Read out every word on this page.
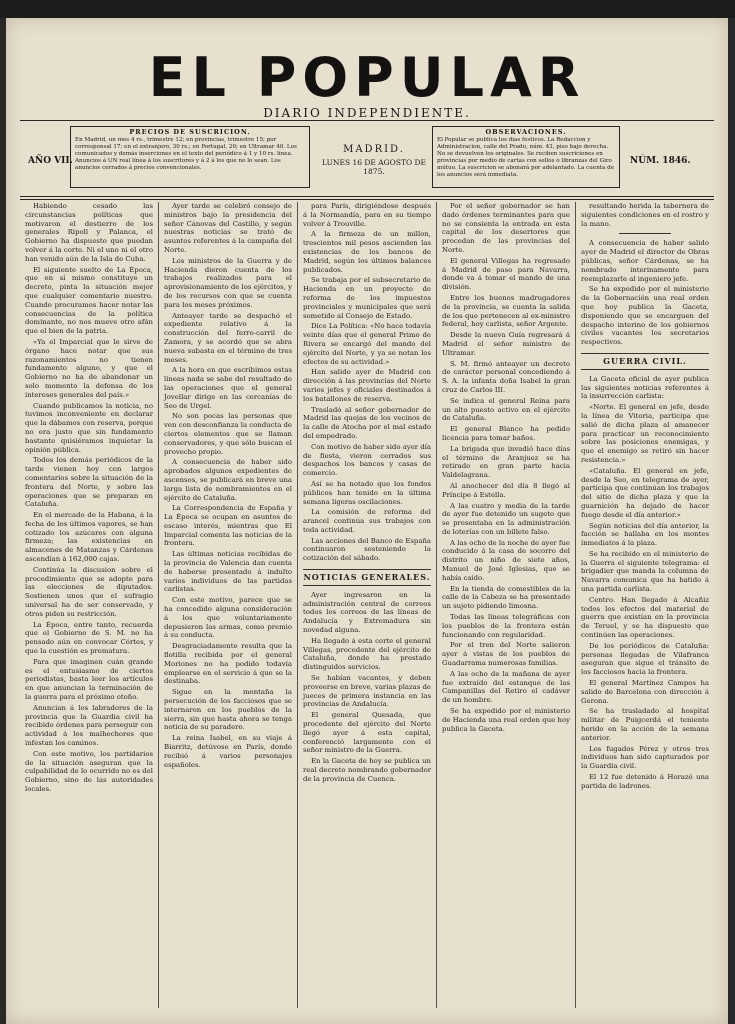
EL POPULAR
DIARIO INDEPENDIENTE.
AÑO VII.
PRECIOS DE SUSCRICION.
En Madrid, un mes 4 rs., trimestre 12; en provincias, trimestre 15; por corresponsal 17; en el extranjero, 30 rs.; en Portugal, 20; en Ultramar 40. Los comunicados y demás inserciones en el texto del periódico á 1 y 10 rs. línea. Anuncios á UN real línea á los suscritores y á 2 á los que no lo sean. Los anuncios cerrados á precios convencionales.
MADRID.
LUNES 16 DE AGOSTO DE 1875.
OBSERVACIONES.
El Popular se publica los dias festivos. La Redaccion y Administracion, calle del Prado, núm. 43, piso bajo derecha. No se devuelven los originales. Se reciben suscriciones en provincias por medio de cartas con sellos o libranzas del Giro mútuo. La suscricion se abonará por adelantado. La cuenta de los anuncios será inmediata.
NÚM. 1846.

Habiendo cesado las circunstancias políticas que motivaron el destierro de los generales Ripoll y Palanca, el Gobierno ha dispuesto que puedan volver á la corte. Ni el uno ni el otro han venido aún de la Isla de Cuba.

El siguiente suelto de La Época, que en sí mismo constituye un decreto, pinta la situación mejor que cualquier comentario nuestro. Cuando procuramos hacer notar las consecuencias de la política dominante, no nos mueve otro afán que el bien de la patria.

«Ya el Imparcial que le sirve de órgano hace notar que sus razonamientos no tienen fundamento alguno, y que el Gobierno no ha de abandonar un solo momento la defensa de los intereses generales del país.»

Cuando publicamos la noticia, no tuvimos inconveniente en declarar que la dábamos con reserva, porque no era justo que sin fundamento bastante quisiéramos inquietar la opinión pública.

Todos los demás periódicos de la tarde vienen hoy con largos comentarios sobre la situación de la frontera del Norte, y sobre las operaciones que se preparan en Cataluña.

En el mercado de la Habana, á la fecha de los últimos vapores, se han cotizado los azúcares con alguna firmeza; las existencias en almacenes de Matanzas y Cárdenas ascendían á 162,000 cajas.

Continúa la discusion sobre el procedimiento que se adopte para las elecciones de diputados. Sostienen unos que el sufragio universal ha de ser conservado, y otros piden su restricción.

La Época, entre tanto, recuerda que el Gobierno de S. M. no ha pensado aún en convocar Córtes, y que la cuestión es prematura.

Para que imaginen cuán grande es el entusiasmo de ciertos periodistas, basta leer los artículos en que anuncian la terminación de la guerra para el próximo otoño.

Anuncian á los labradores de la provincia que la Guardia civil ha recibido órdenes para perseguir con actividad á los malhechores que infestan los caminos.

Con este motivo, los partidarios de la situación aseguran que la culpabilidad de lo ocurrido no es del Gobierno, sino de las autoridades locales.

Ayer tarde se celebró consejo de ministros bajo la presidencia del señor Cánovas del Castillo, y según nuestras noticias se trató de asuntos referentes á la campaña del Norte.

Los ministros de la Guerra y de Hacienda dieron cuenta de los trabajos realizados para el aprovisionamiento de los ejércitos, y de los recursos con que se cuenta para los meses próximos.

Anteayer tarde se despachó el expediente relativo á la construcción del ferro-carril de Zamora, y se acordó que se abra nueva subasta en el término de tres meses.

A la hora en que escribimos estas líneas nada se sabe del resultado de las operaciones que el general Jovellar dirige en las cercanías de Seo de Urgel.

No son pocas las personas que ven con desconfianza la conducta de ciertos elementos que se llaman conservadores, y que sólo buscan el provecho propio.

A consecuencia de haber sido aprobados algunos expedientes de ascensos, se publicará en breve una larga lista de nombramientos en el ejército de Cataluña.

La Correspondencia de España y La Época se ocupan en asuntos de escaso interés, mientras que El Imparcial comenta las noticias de la frontera.

Las últimas noticias recibidas de la provincia de Valencia dan cuenta de haberse presentado á indulto varios individuos de las partidas carlistas.

Con este motivo, parece que se ha concedido alguna consideración á los que voluntariamente depusieron las armas, como premio á su conducta.

Desgraciadamente resulta que la flotilla recibida por el general Moriones no ha podido todavía emplearse en el servicio á que se la destinaba.

Sigue en la montaña la persecución de los facciosos que se internaron en los pueblos de la sierra, sin que hasta ahora se tenga noticia de su paradero.

La reina Isabel, en su viaje á Biarritz, detúvose en París, donde recibió á varios personajes españoles.

para París, dirigiéndose después á la Normandía, para en su tiempo volver á Trouville.

A la firmeza de un millon, trescientos mil pesos ascienden las existencias de los bancos de Madrid, según los últimos balances publicados.

Se trabaja por el subsecretario de Hacienda en un proyecto de reforma de los impuestos provinciales y municipales que será sometido al Consejo de Estado.

Dice La Política: «No hace todavía veinte días que el general Primo de Rivera se encargó del mando del ejército del Norte, y ya se notan los efectos de su actividad.»

Han salido ayer de Madrid con dirección á las provincias del Norte varios jefes y oficiales destinados á los batallones de reserva.

Trasladó al señor gobernador de Madrid las quejas de los vecinos de la calle de Atocha por el mal estado del empedrado.

Con motivo de haber sido ayer día de fiesta, vieron cerrados sus despachos los bancos y casas de comercio.

Así se ha notado que los fondos públicos han tenido en la última semana ligeras oscilaciones.

La comisión de reforma del arancel continúa sus trabajos con toda actividad.

Las acciones del Banco de España continuaron sosteniendo la cotización del sábado.

NOTICIAS GENERALES.

Ayer ingresaron en la administración central de correos todos los correos de las líneas de Andalucía y Extremadura sin novedad alguna.

Ha llegado á esta corte el general Villegas, procedente del ejército de Cataluña, donde ha prestado distinguidos servicios.

Se habían vacantes, y deben proveerse en breve, varias plazas de jueces de primera instancia en las provincias de Andalucía.

El general Quesada, que procedente del ejército del Norte llegó ayer á esta capital, conferenció largamente con el señor ministro de la Guerra.

En la Gaceta de hoy se publica un real decreto nombrando gobernador de la provincia de Cuenca.

Por el señor gobernador se han dado órdenes terminantes para que no se consienta la entrada en esta capital de los desertores que procedan de las provincias del Norte.

El general Villegas ha regresado á Madrid de paso para Navarra, donde va á tomar el mando de una división.

Entre los buenos madrugadores de la provincia, se cuenta la salida de los que pertenecen al ex-ministro federal, hoy carlista, señor Argente.

Desde la nueva Guía regresará á Madrid el señor ministro de Ultramar.

S. M. firmó anteayer un decreto de carácter personal concediendo á S. A. la infanta doña Isabel la gran cruz de Carlos III.

Se indica el general Reina para un alto puesto activo en el ejército de Cataluña.

El general Blanco ha pedido licencia para tomar baños.

La brigada que invadió hace días el término de Aranjuez se ha retirado en gran parte hacia Valdelagrana.

Al anochecer del día 8 llegó al Príncipe á Estella.

A las cuatro y media de la tarde de ayer fue detenido un sugeto que se presentaba en la administración de loterías con un billete falso.

A las ocho de la noche de ayer fue conducido á la casa de socorro del distrito un niño de siete años, Manuel de José Iglesias, que se había caído.

En la tienda de comestibles de la calle de la Cabeza se ha presentado un sujeto pidiendo limosna.

Todas las líneas telegráficas con los pueblos de la frontera están funcionando con regularidad.

Por el tren del Norte salieron ayer á vistas de los pueblos de Guadarrama numerosas familias.

A las ocho de la mañana de ayer fue extraído del estanque de las Campanillas del Retiro el cadáver de un hombre.

Se ha expedido por el ministerio de Hacienda una real orden que hoy publica la Gaceta.

resultando herida la tabernera de siguientes condiciones en el rostro y la mano.

A consecuencia de haber salido ayer de Madrid el director de Obras públicas, señor Cárdenas, se ha nombrado interinamente para reemplazarle al ingeniero jefe.

Se ha expedido por el ministerio de la Gobernación una real orden que hoy publica la Gaceta, disponiendo que se encarguen del despacho interino de los gobiernos civiles vacantes los secretarios respectivos.

GUERRA CIVIL.

La Gaceta oficial de ayer publica las siguientes noticias referentes á la insurrección carlista:

«Norte. El general en jefe, desde la línea de Vitoria, participa que salió de dicha plaza al amanecer para practicar un reconocimiento sobre las posiciones enemigas, y que el enemigo se retiró sin hacer resistencia.»

«Cataluña. El general en jefe, desde la Seo, en telegrama de ayer, participa que continúan los trabajos del sitio de dicha plaza y que la guarnición ha dejado de hacer fuego desde el día anterior.»

Según noticias del día anterior, la facción se hallaba en los montes inmediatos á la plaza.

Se ha recibido en el ministerio de la Guerra el siguiente telegrama: el brigadier que manda la columna de Navarra comunica que ha batido á una partida carlista.

Centro. Han llegado á Alcañiz todos los efectos del material de guerra que existían en la provincia de Teruel, y se ha dispuesto que continúen las operaciones.

De los periódicos de Cataluña: personas llegadas de Vilafranca aseguran que sigue el tránsito de los facciosos hacia la frontera.

El general Martínez Campos ha salido de Barcelona con dirección á Gerona.

Se ha trasladado al hospital militar de Puigcerdá el teniente herido en la acción de la semana anterior.

Los fugados Pérez y otros tres individuos han sido capturados por la Guardia civil.

El 12 fue detenido á Horazó una partida de ladrones.
